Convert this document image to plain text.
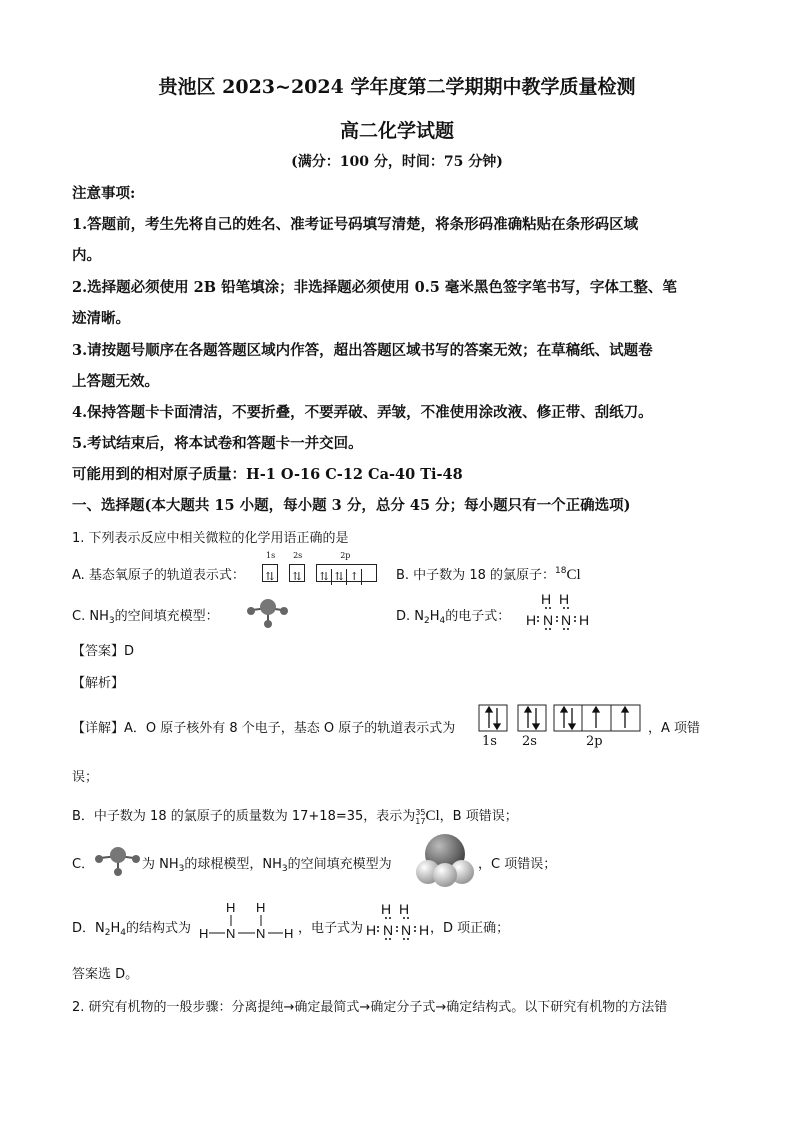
贵池区 2023~2024 学年度第二学期期中教学质量检测
高二化学试题
(满分：100 分，时间：75 分钟)
注意事项:
1.答题前，考生先将自己的姓名、准考证号码填写清楚，将条形码准确粘贴在条形码区域
内。
2.选择题必须使用 2B 铅笔填涂；非选择题必须使用 0.5 毫米黑色签字笔书写，字体工整、笔
迹清晰。
3.请按题号顺序在各题答题区域内作答，超出答题区域书写的答案无效；在草稿纸、试题卷
上答题无效。
4.保持答题卡卡面清洁，不要折叠，不要弄破、弄皱，不准使用涂改液、修正带、刮纸刀。
5.考试结束后，将本试卷和答题卡一并交回。
可能用到的相对原子质量：H-1 O-16 C-12 Ca-40 Ti-48
一、选择题(本大题共 15 小题，每小题 3 分，总分 45 分；每小题只有一个正确选项)
1. 下列表示反应中相关微粒的化学用语正确的是
A. 基态氧原子的轨道表示式：
1s
⇅
2s
⇅
2p
⇅ ⇅ ↑	B. 中子数为 18 的氯原子：$^{18}$Cl
C. $NH_3$的空间填充模型：	D. $N_2H_4$的电子式：
H H
H N N H
【答案】D
【解析】
【详解】A．O 原子核外有 8 个电子，基态 O 原子的轨道表示式为
1s 2s	2p
，A 项错
误；
B．中子数为 18 的氯原子的质量数为 17+18=35，表示为35
17Cl，B 项错误；
C．	为 $NH_3$的球棍模型，$NH_3$的空间填充模型为	，C 项错误；
D．$N_2H_4$的结构式为
H H
H N N H ，电子式为
H H
H N N H ，D 项正确；
答案选 D。
2. 研究有机物的一般步骤：分离提纯→确定最简式→确定分子式→确定结构式。以下研究有机物的方法错
